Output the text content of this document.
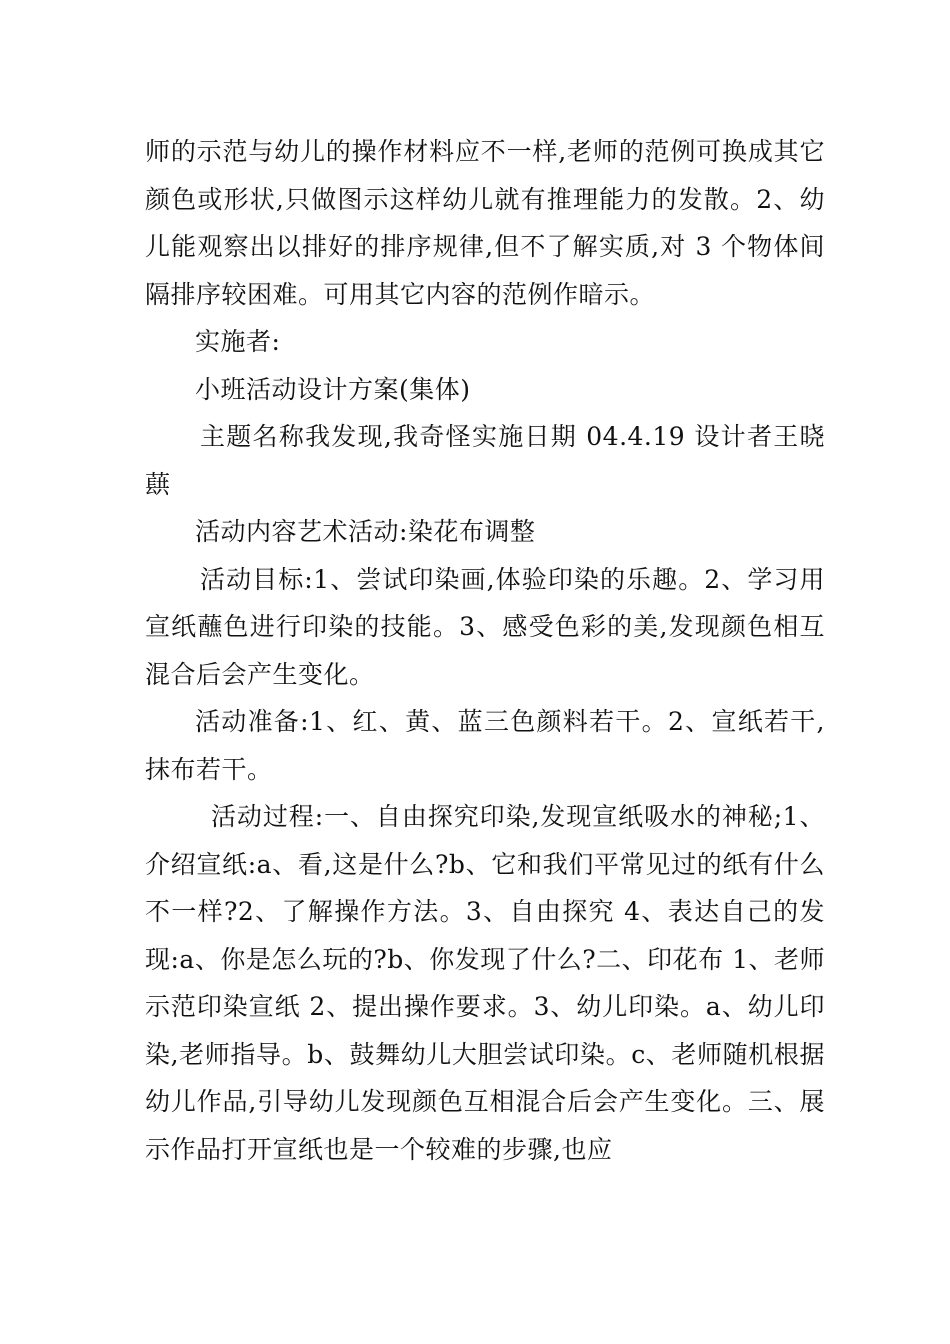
师的示范与幼儿的操作材料应不一样,老师的范例可换成其它颜色或形状,只做图示这样幼儿就有推理能力的发散。2、幼儿能观察出以排好的排序规律,但不了解实质,对 3 个物体间隔排序较困难。可用其它内容的范例作暗示。

实施者:

小班活动设计方案(集体)

主题名称我发现,我奇怪实施日期 04.4.19 设计者王晓蕻

活动内容艺术活动:染花布调整

活动目标:1、尝试印染画,体验印染的乐趣。2、学习用宣纸蘸色进行印染的技能。3、感受色彩的美,发现颜色相互混合后会产生变化。

活动准备:1、红、黄、蓝三色颜料若干。2、宣纸若干,抹布若干。

活动过程:一、自由探究印染,发现宣纸吸水的神秘;1、介绍宣纸:a、看,这是什么?b、它和我们平常见过的纸有什么不一样?2、了解操作方法。3、自由探究 4、表达自己的发现:a、你是怎么玩的?b、你发现了什么?二、印花布 1、老师示范印染宣纸 2、提出操作要求。3、幼儿印染。a、幼儿印染,老师指导。b、鼓舞幼儿大胆尝试印染。c、老师随机根据幼儿作品,引导幼儿发现颜色互相混合后会产生变化。三、展示作品打开宣纸也是一个较难的步骤,也应
